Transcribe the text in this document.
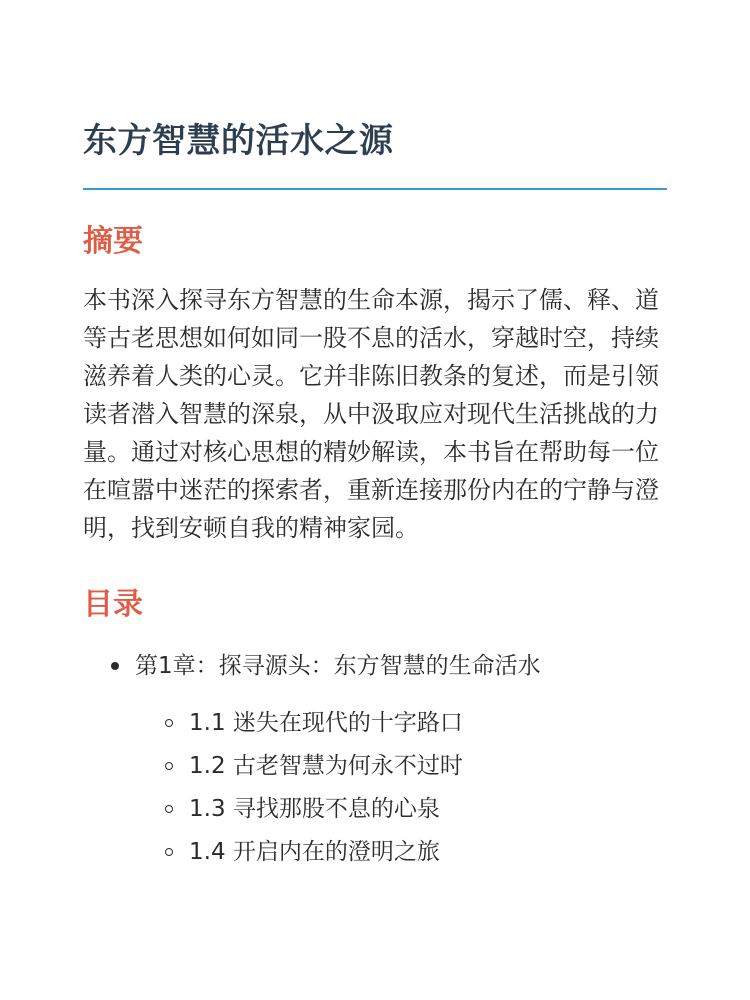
东方智慧的活水之源
摘要

本书深入探寻东方智慧的生命本源，揭示了儒、释、道等古老思想如何如同一股不息的活水，穿越时空，持续滋养着人类的心灵。它并非陈旧教条的复述，而是引领读者潜入智慧的深泉，从中汲取应对现代生活挑战的力量。通过对核心思想的精妙解读，本书旨在帮助每一位在喧嚣中迷茫的探索者，重新连接那份内在的宁静与澄明，找到安顿自我的精神家园。

目录
第1章：探寻源头：东方智慧的生命活水
1.1 迷失在现代的十字路口
1.2 古老智慧为何永不过时
1.3 寻找那股不息的心泉
1.4 开启内在的澄明之旅
